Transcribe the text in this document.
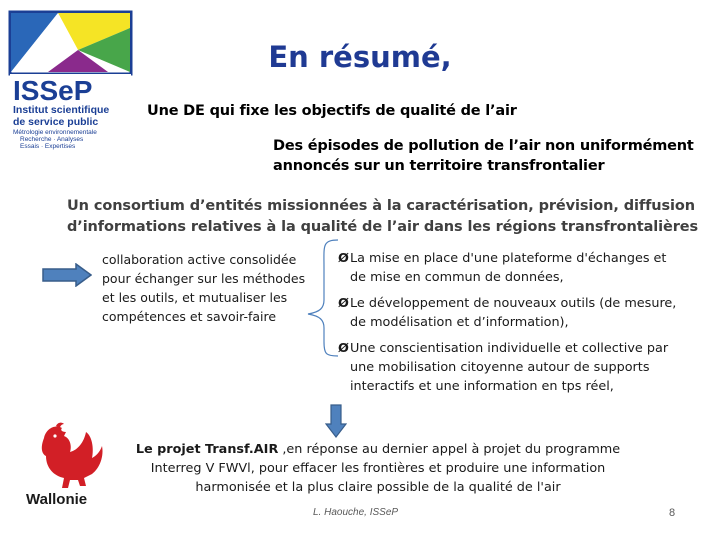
ISSeP
Institut scientifique
de service public
Métrologie environnementale
Recherche · Analyses
Essais · Expertises
En résumé,
Une DE qui fixe les objectifs de qualité de l’air
Des épisodes de pollution de l’air non uniformément annoncés sur un territoire transfrontalier
Un consortium d’entités missionnées à la caractérisation, prévision, diffusion d’informations relatives à la qualité de l’air dans les régions transfrontalières
collaboration active consolidée pour échanger sur les méthodes et les outils, et mutualiser les compétences et savoir-faire
Ø La mise en place d'une plateforme d'échanges et de mise en commun de données,
Ø Le développement de nouveaux outils (de mesure, de modélisation et d’information),
Ø Une conscientisation individuelle et collective par une mobilisation citoyenne autour de supports interactifs et une information en tps réel,
Wallonie
Le projet Transf.AIR ,en réponse au dernier appel à projet du programme Interreg V FWVl, pour effacer les frontières et produire une information harmonisée et la plus claire possible de la qualité de l'air
L. Haouche, ISSeP	8
